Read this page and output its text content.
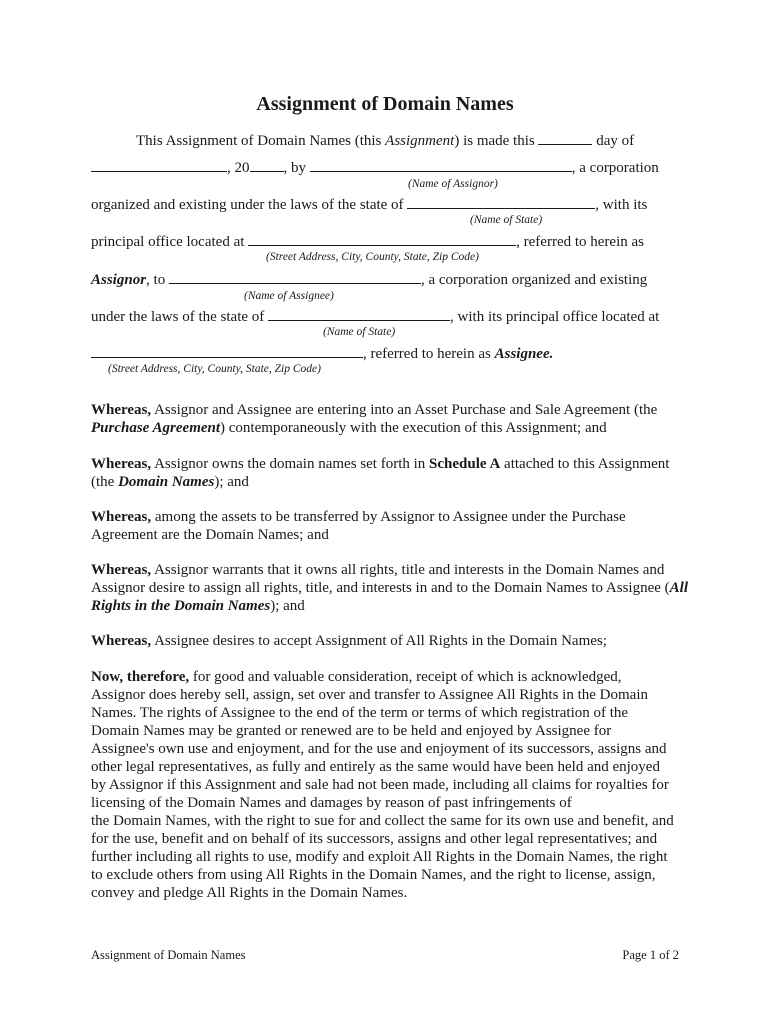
Assignment of Domain Names
This Assignment of Domain Names (this Assignment) is made this	day of
, 20 , by	, a corporation
(Name of Assignor)
organized and existing under the laws of the state of	, with its
(Name of State)
principal office located at	, referred to herein as
(Street Address, City, County, State, Zip Code)
Assignor, to	, a corporation organized and existing
(Name of Assignee)
under the laws of the state of	, with its principal office located at
(Name of State)
, referred to herein as Assignee.
(Street Address, City, County, State, Zip Code)

Whereas, Assignor and Assignee are entering into an Asset Purchase and Sale Agreement (the Purchase Agreement) contemporaneously with the execution of this Assignment; and

Whereas, Assignor owns the domain names set forth in Schedule A attached to this Assignment (the Domain Names); and

Whereas, among the assets to be transferred by Assignor to Assignee under the Purchase Agreement are the Domain Names; and

Whereas, Assignor warrants that it owns all rights, title and interests in the Domain Names and Assignor desire to assign all rights, title, and interests in and to the Domain Names to Assignee (All Rights in the Domain Names); and

Whereas, Assignee desires to accept Assignment of All Rights in the Domain Names;

Now, therefore, for good and valuable consideration, receipt of which is acknowledged,
Assignor does hereby sell, assign, set over and transfer to Assignee All Rights in the Domain
Names. The rights of Assignee to the end of the term or terms of which registration of the
Domain Names may be granted or renewed are to be held and enjoyed by Assignee for
Assignee's own use and enjoyment, and for the use and enjoyment of its successors, assigns and
other legal representatives, as fully and entirely as the same would have been held and enjoyed
by Assignor if this Assignment and sale had not been made, including all claims for royalties for
licensing of the Domain Names and damages by reason of past infringements of
the Domain Names, with the right to sue for and collect the same for its own use and benefit, and
for the use, benefit and on behalf of its successors, assigns and other legal representatives; and
further including all rights to use, modify and exploit All Rights in the Domain Names, the right
to exclude others from using All Rights in the Domain Names, and the right to license, assign,
convey and pledge All Rights in the Domain Names.
Assignment of Domain Names	Page 1 of 2
